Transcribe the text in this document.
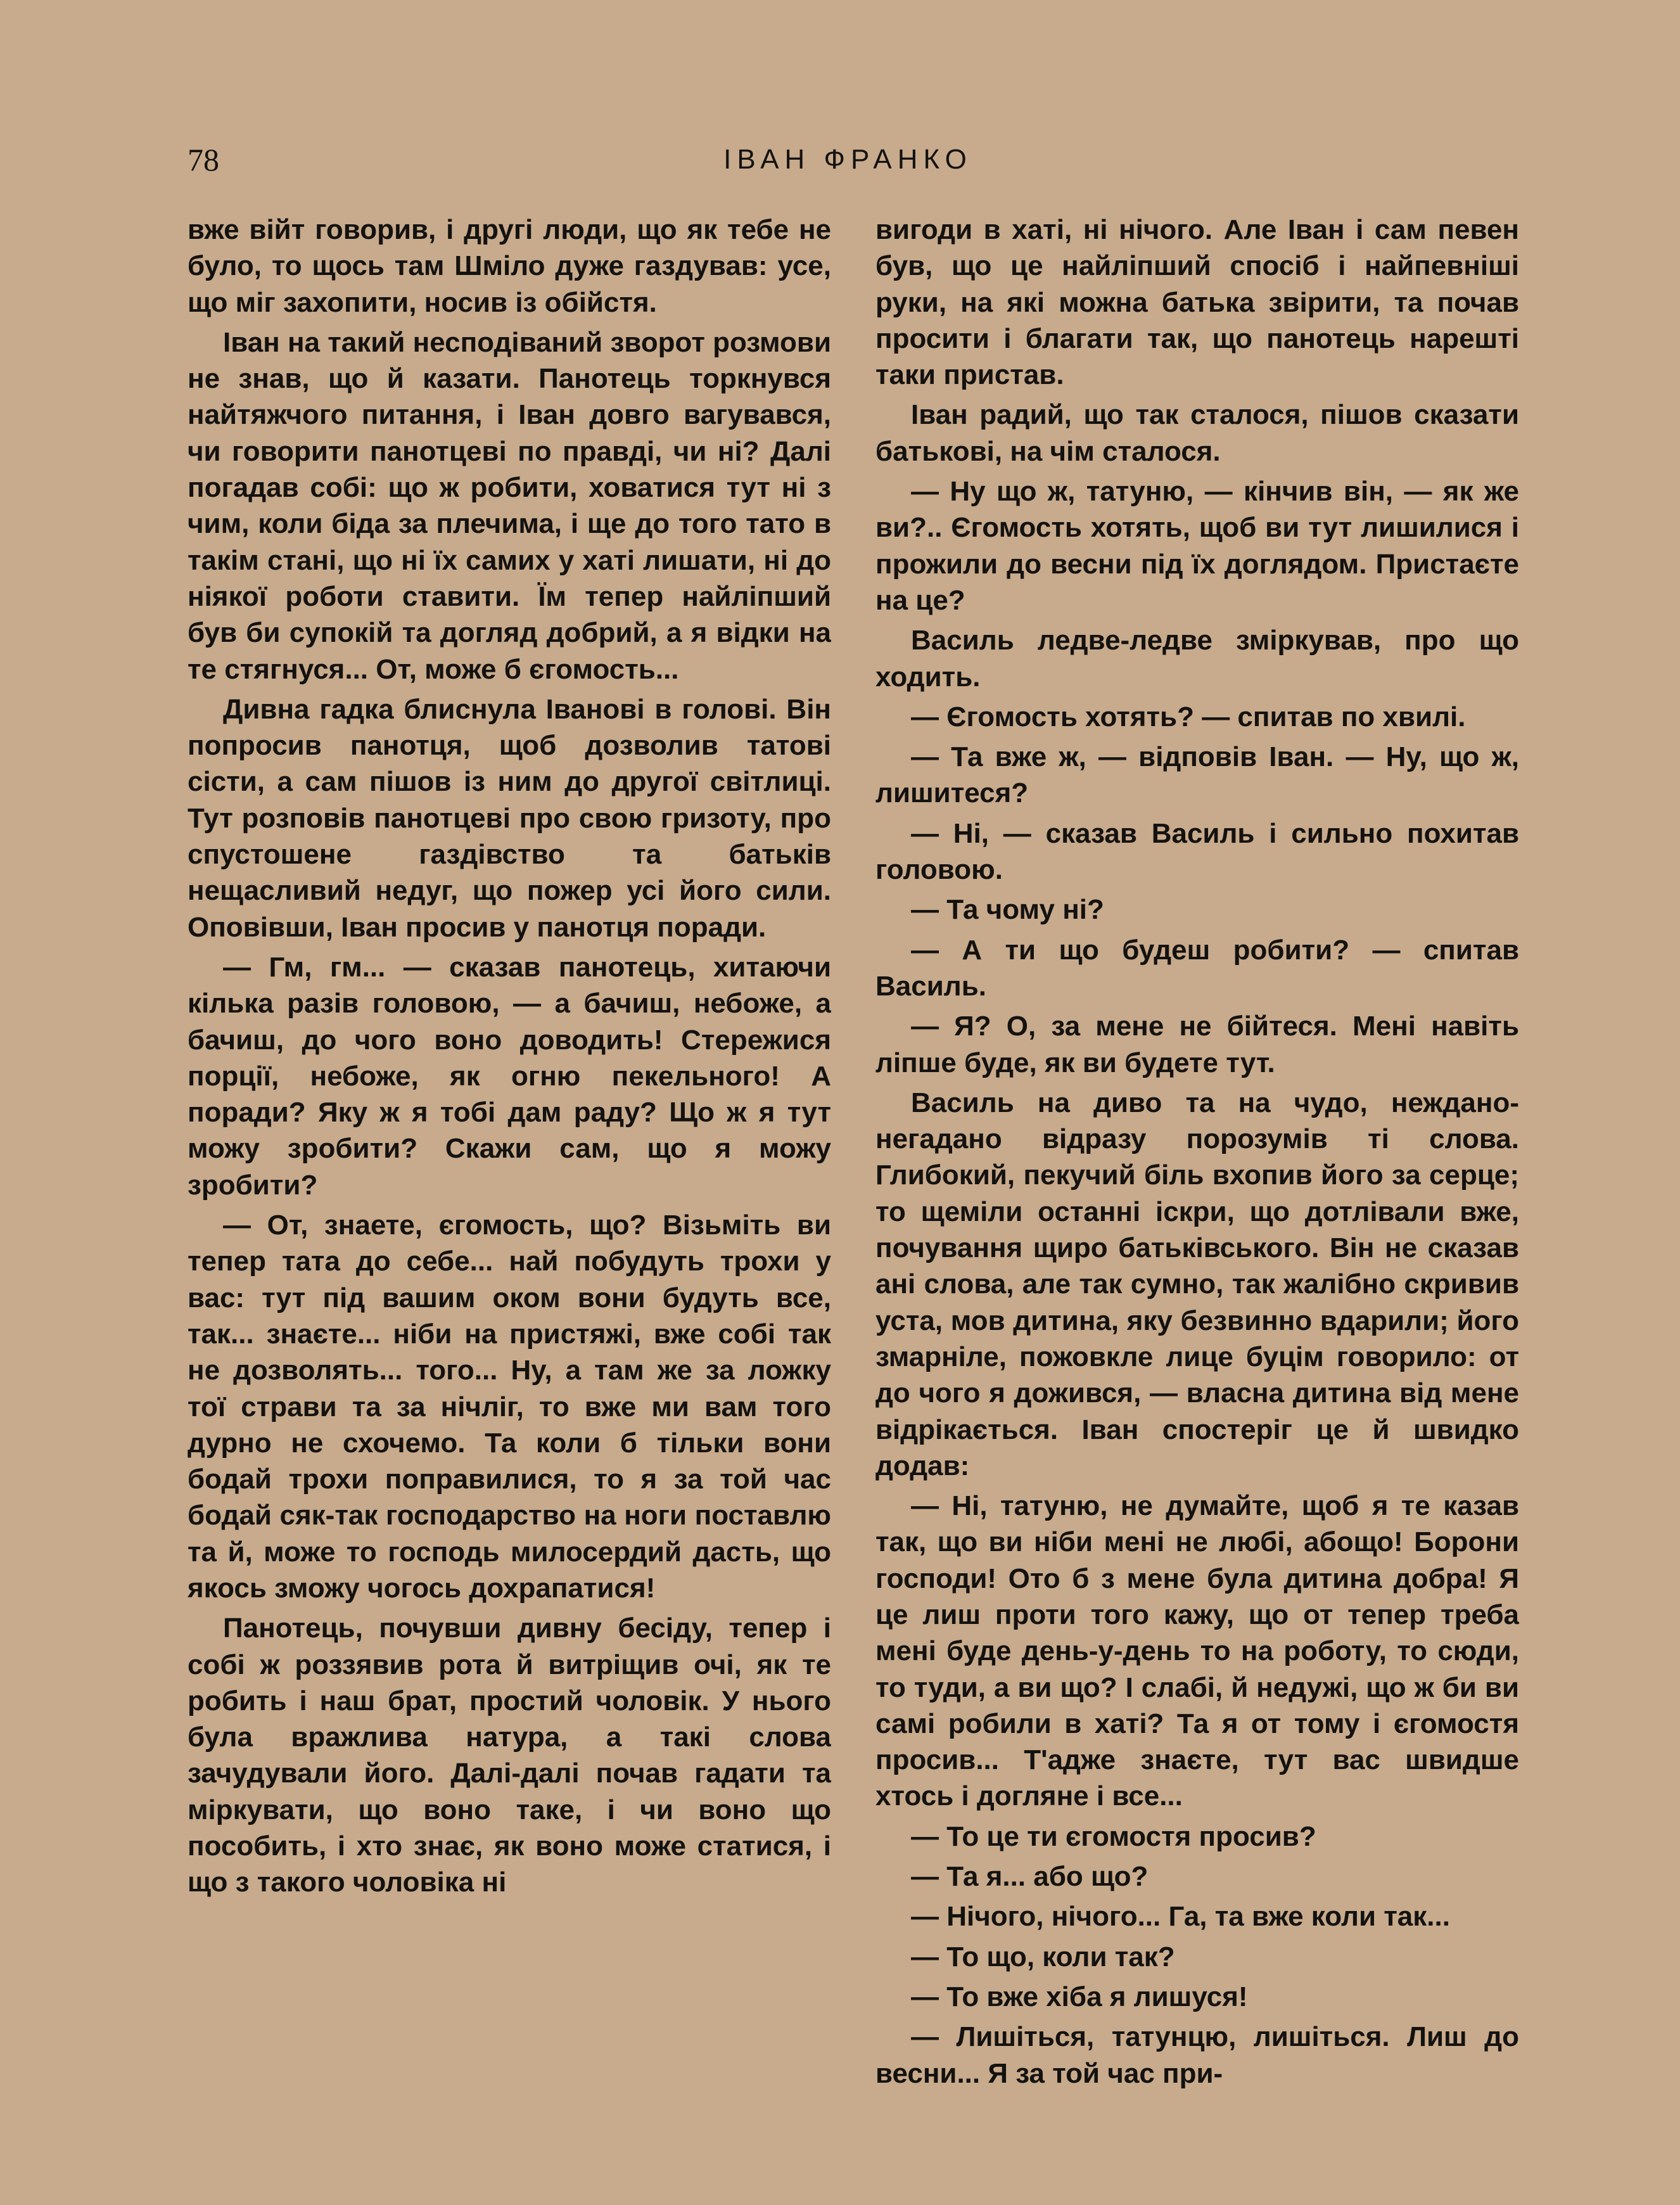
78	ІВАН ФРАНКО

вже війт говорив, і другі люди, що як тебе не було, то щось там Шміло дуже газдував: усе, що міг захопити, носив із обійстя.

Іван на такий несподіваний зворот розмови не знав, що й казати. Панотець торкнувся найтяжчого питання, і Іван довго вагувався, чи говорити панотцеві по правді, чи ні? Далі погадав собі: що ж робити, ховатися тут ні з чим, коли біда за плечима, і ще до того тато в такім стані, що ні їх самих у хаті лишати, ні до ніякої роботи ставити. Їм тепер найліпший був би супокій та догляд добрий, а я відки на те стягнуся... От, може б єгомость...

Дивна гадка блиснула Іванові в голові. Він попросив панотця, щоб дозволив татові сісти, а сам пішов із ним до другої світлиці. Тут розповів панотцеві про свою гризоту, про спустошене газдівство та батьків нещасливий недуг, що пожер усі його сили. Оповівши, Іван просив у панотця поради.

— Гм, гм... — сказав панотець, хитаючи кілька разів головою, — а бачиш, небоже, а бачиш, до чого воно доводить! Стережися порції, небоже, як огню пекельного! А поради? Яку ж я тобі дам раду? Що ж я тут можу зробити? Скажи сам, що я можу зробити?

— От, знаете, єгомость, що? Візьміть ви тепер тата до себе... най побудуть трохи у вас: тут під вашим оком вони будуть все, так... знаєте... ніби на пристяжі, вже собі так не дозволять... того... Ну, а там же за ложку тої страви та за нічліг, то вже ми вам того дурно не схочемо. Та коли б тільки вони бодай трохи поправилися, то я за той час бодай сяк-так господарство на ноги поставлю та й, може то господь милосердий дасть, що якось зможу чогось дохрапатися!

Панотець, почувши дивну бесіду, тепер і собі ж роззявив рота й витріщив очі, як те робить і наш брат, простий чоловік. У нього була вражлива натура, а такі слова зачудували його. Далі-далі почав гадати та міркувати, що воно таке, і чи воно що пособить, і хто знає, як воно може статися, і що з такого чоловіка ні

вигоди в хаті, ні нічого. Але Іван і сам певен був, що це найліпший спосіб і найпевніші руки, на які можна батька звірити, та почав просити і благати так, що панотець нарешті таки пристав.

Іван радий, що так сталося, пішов сказати батькові, на чім сталося.

— Ну що ж, татуню, — кінчив він, — як же ви?.. Єгомость хотять, щоб ви тут лишилися і прожили до весни під їх доглядом. Пристаєте на це?

Василь ледве-ледве зміркував, про що ходить.

— Єгомость хотять? — спитав по хвилі.

— Та вже ж, — відповів Іван. — Ну, що ж, лишитеся?

— Ні, — сказав Василь і сильно похитав головою.

— Та чому ні?

— А ти що будеш робити? — спитав Василь.

— Я? О, за мене не бійтеся. Мені навіть ліпше буде, як ви будете тут.

Василь на диво та на чудо, неждано-негадано відразу порозумів ті слова. Глибокий, пекучий біль вхопив його за серце; то щеміли останні іскри, що дотлівали вже, почування щиро батьківського. Він не сказав ані слова, але так сумно, так жалібно скривив уста, мов дитина, яку безвинно вдарили; його змарніле, пожовкле лице буцім говорило: от до чого я дожився, — власна дитина від мене відрікається. Іван спостеріг це й швидко додав:

— Ні, татуню, не думайте, щоб я те казав так, що ви ніби мені не любі, абощо! Борони господи! Ото б з мене була дитина добра! Я це лиш проти того кажу, що от тепер треба мені буде день-у-день то на роботу, то сюди, то туди, а ви що? І слабі, й недужі, що ж би ви самі робили в хаті? Та я от тому і єгомостя просив... Т'адже знаєте, тут вас швидше хтось і догляне і все...

— То це ти єгомостя просив?

— Та я... або що?

— Нічого, нічого... Га, та вже коли так...

— То що, коли так?

— То вже хіба я лишуся!

— Лишіться, татунцю, лишіться. Лиш до весни... Я за той час при-
